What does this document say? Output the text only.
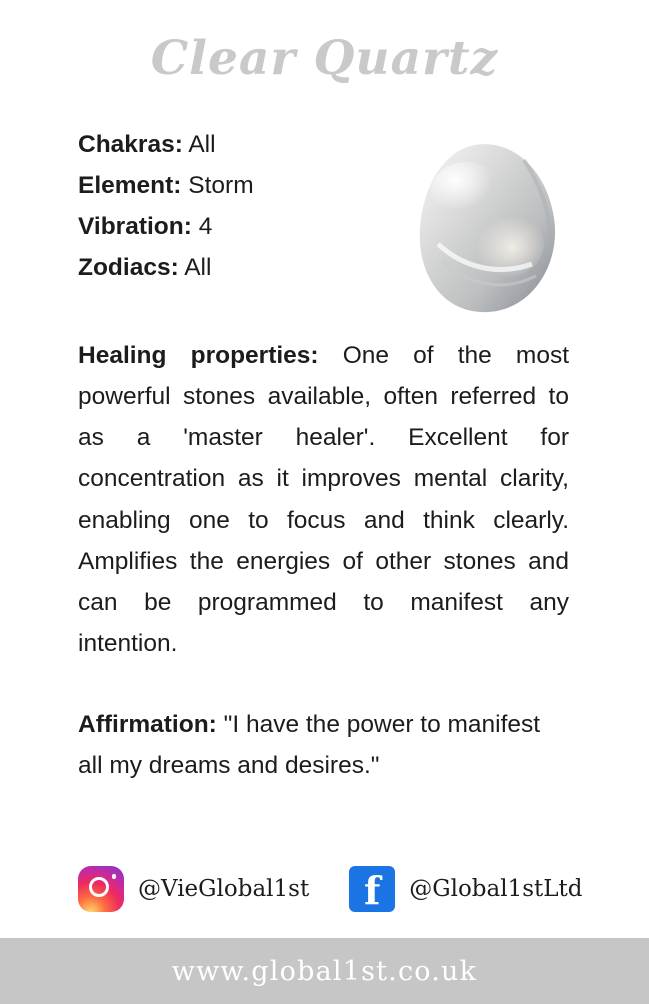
Clear Quartz
Chakras: All
Element: Storm
Vibration: 4
Zodiacs: All
Healing properties: One of the most powerful stones available, often referred to as a 'master healer'. Excellent for concentration as it improves mental clarity, enabling one to focus and think clearly. Amplifies the energies of other stones and can be programmed to manifest any intention.
Affirmation: "I have the power to manifest all my dreams and desires."
@VieGlobal1st	f	@Global1stLtd
www.global1st.co.uk
